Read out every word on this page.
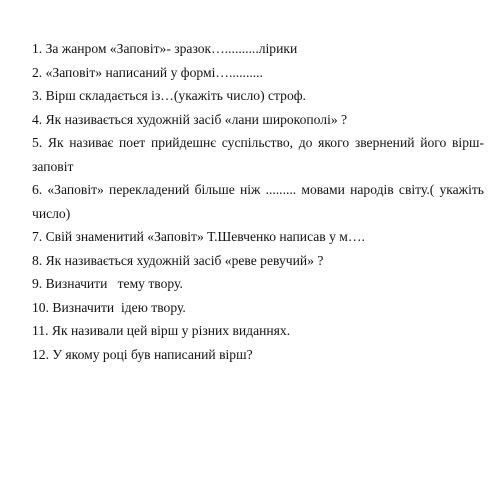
1. За жанром «Заповіт»- зразок…..........лірики
2. «Заповіт» написаний у формі…..........
3. Вірш складається із…(укажіть число) строф.
4. Як називається художній засіб «лани широкополі» ?
5. Як називає поет прийдешнє суспільство, до якого звернений його вірш-заповіт
6. «Заповіт» перекладений більше ніж ......... мовами народів світу.( укажіть число)
7. Свій знаменитий «Заповіт» Т.Шевченко написав у м….
8. Як називається художній засіб «реве ревучий» ?
9. Визначити   тему твору.
10. Визначити  ідею твору.
11. Як називали цей вірш у різних виданнях.
12. У якому році був написаний вірш?
